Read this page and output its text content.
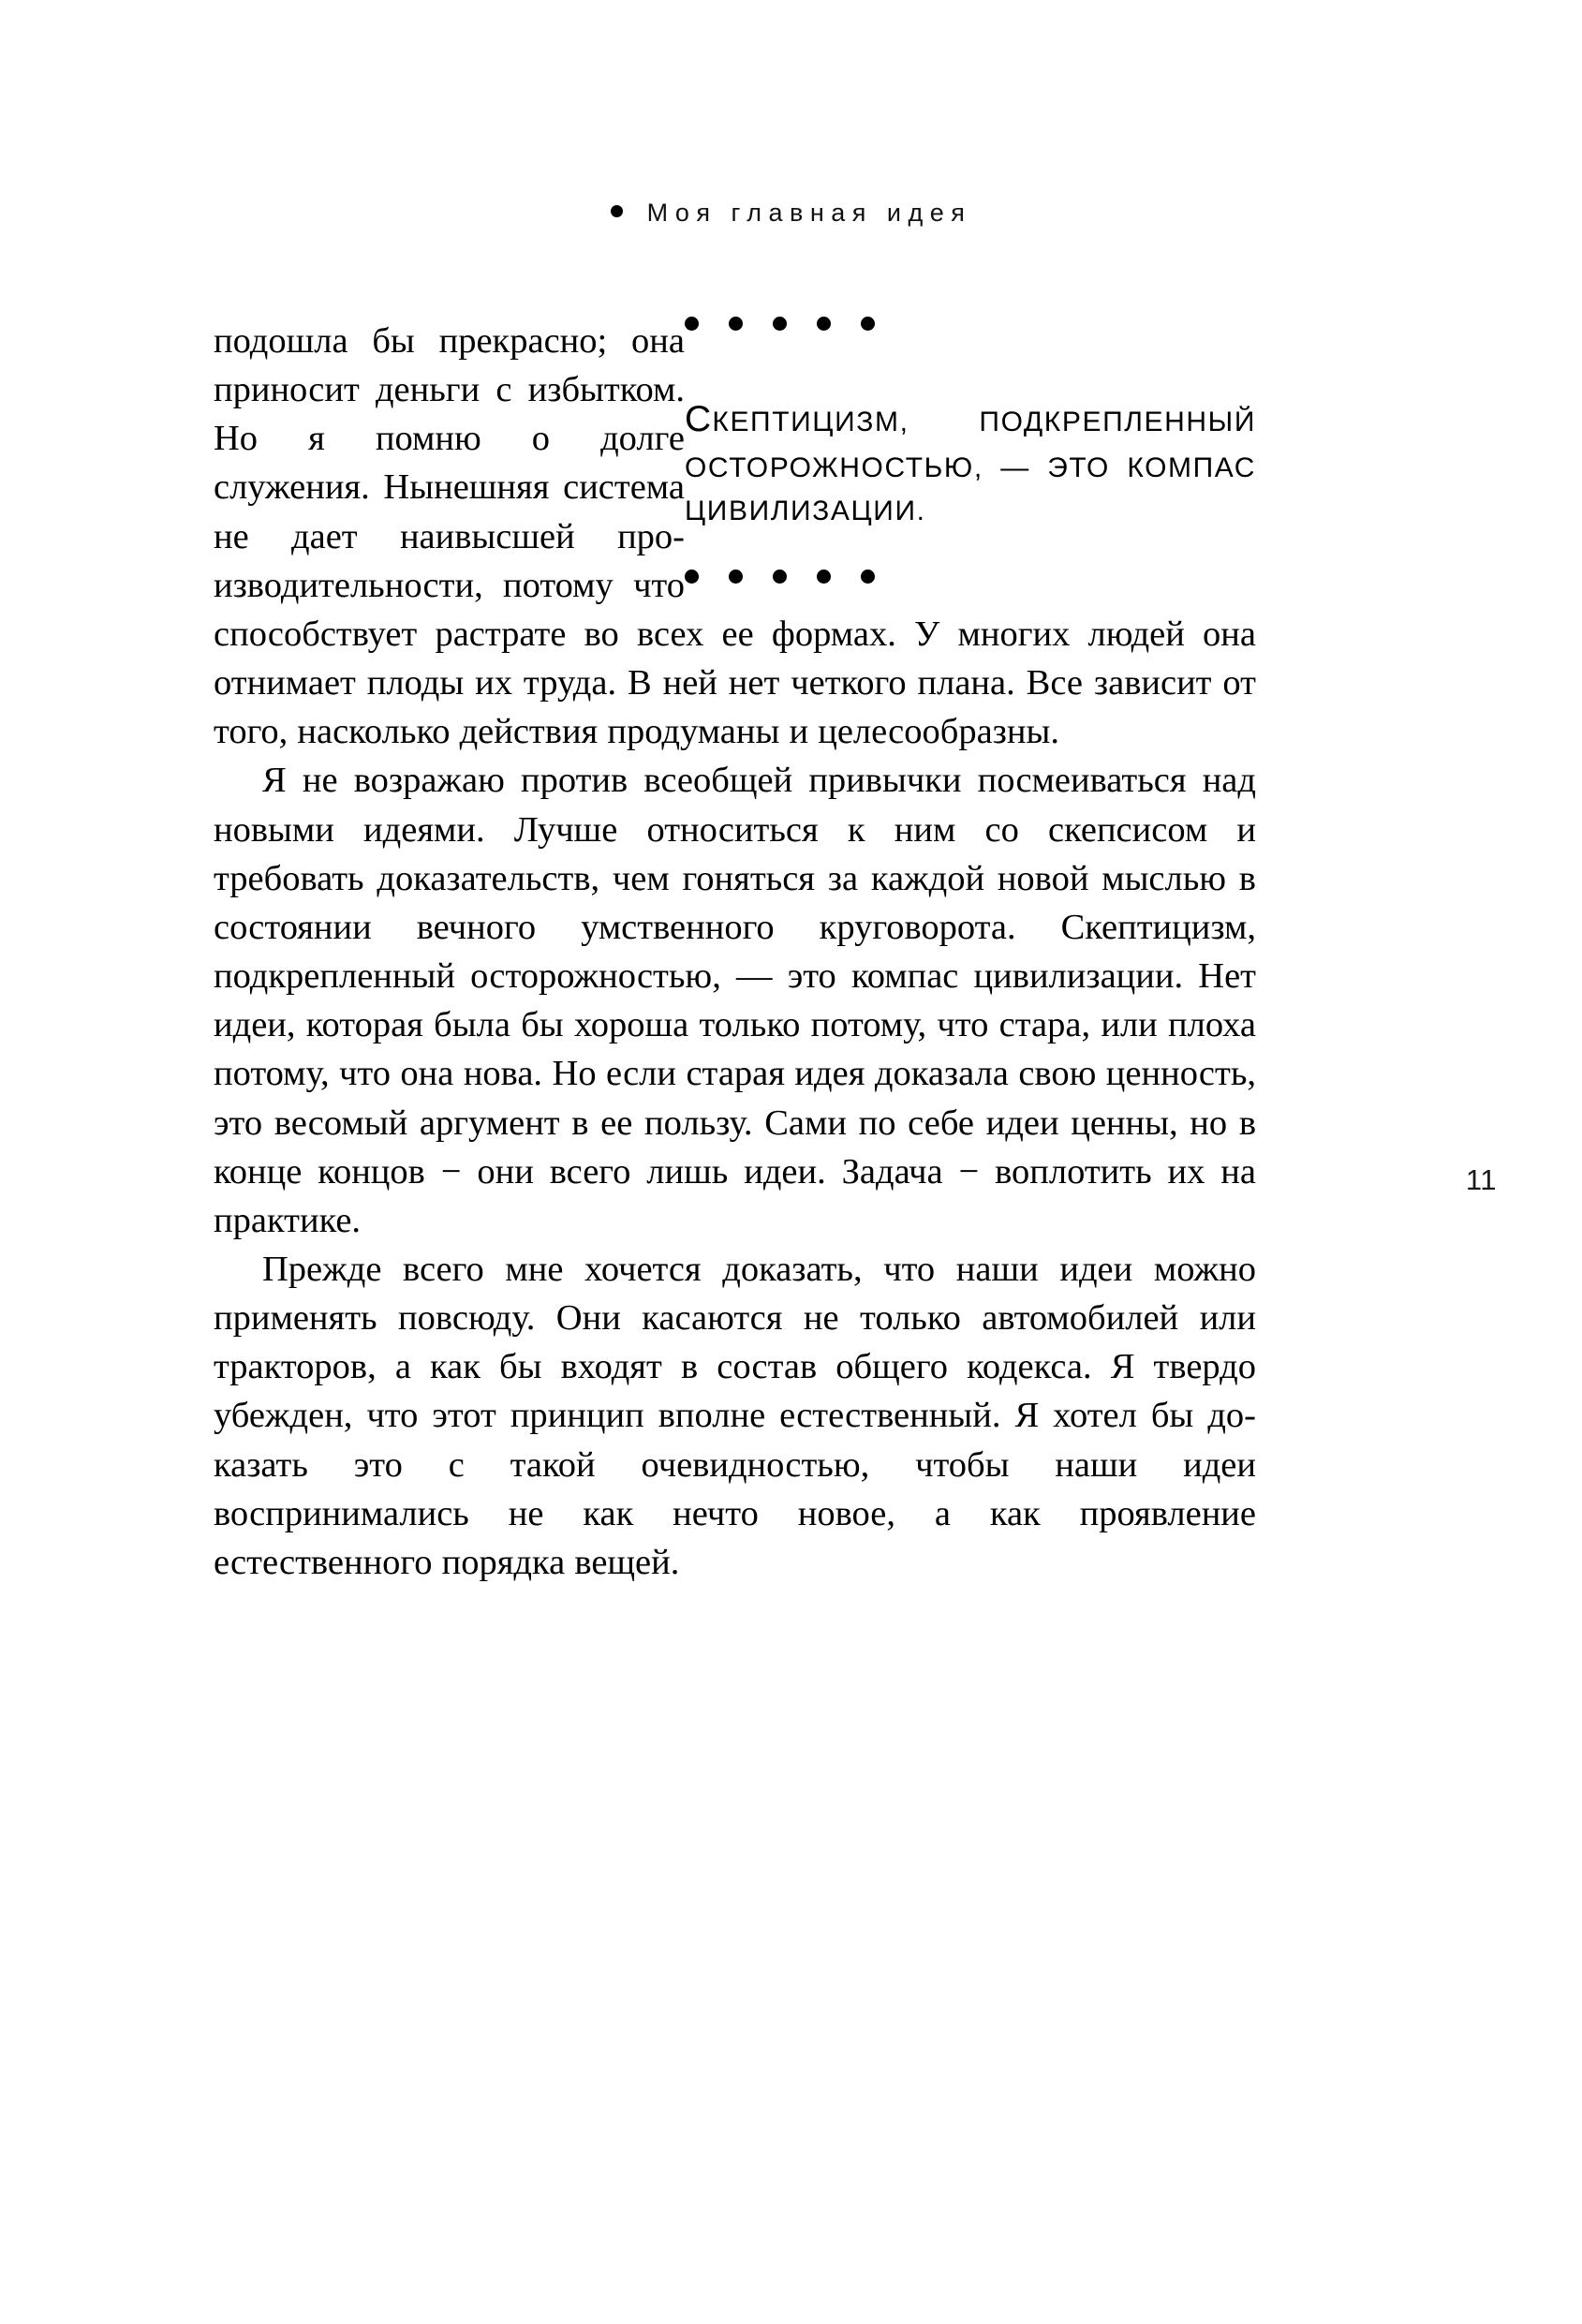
Моя главная идея
11
СКЕПТИЦИЗМ, ПОДКРЕПЛЕННЫЙ ОСТОРОЖНОСТЬЮ, — ЭТО КОМПАС ЦИВИЛИЗАЦИИ.

подошла бы прекрасно; она приносит деньги с избытком. Но я помню о долге служения. Нынешняя система не дает наивысшей производительности, потому что способствует растрате во всех ее формах. У многих людей она отнимает плоды их труда. В ней нет четкого плана. Все зависит от того, насколько действия продуманы и целесообразны.

Я не возражаю против всеобщей привычки посмеиваться над новыми идеями. Лучше относиться к ним со скепсисом и требовать доказательств, чем гоняться за каждой новой мыслью в состоянии вечного умственного круговорота. Скептицизм, подкрепленный осторожностью, — это компас цивилизации. Нет идеи, которая была бы хороша только потому, что стара, или плоха потому, что она нова. Но если старая идея доказала свою ценность, это весомый аргумент в ее пользу. Сами по себе идеи ценны, но в конце концов − они всего лишь идеи. Задача − воплотить их на практике.

Прежде всего мне хочется доказать, что наши идеи можно применять повсюду. Они касаются не только автомобилей или тракторов, а как бы входят в состав общего кодекса. Я твердо убежден, что этот принцип вполне естественный. Я хотел бы доказать это с такой очевидностью, чтобы наши идеи воспринимались не как нечто новое, а как проявление естественного порядка вещей.
